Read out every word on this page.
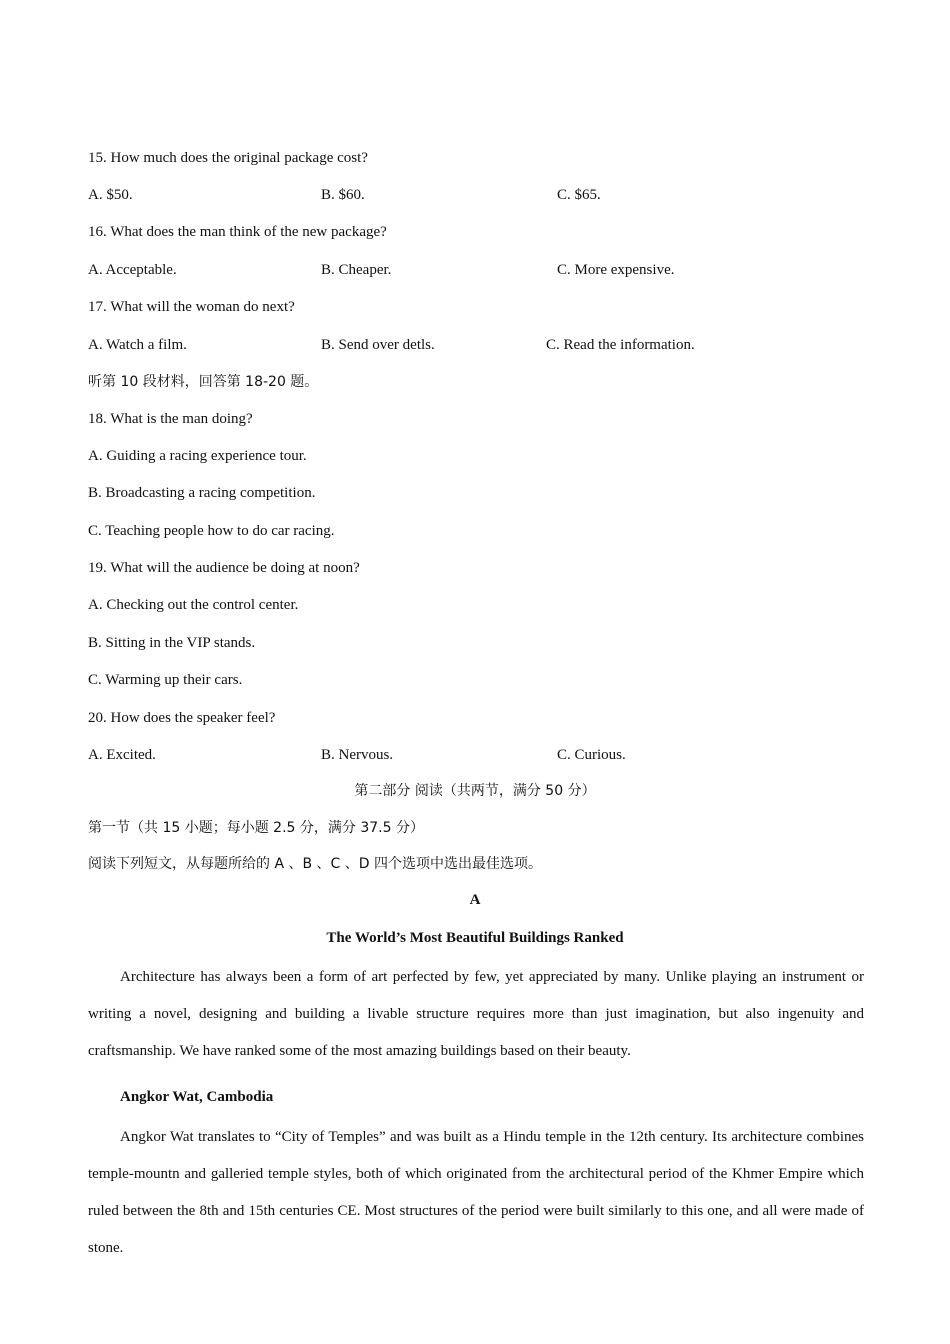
15. How much does the original package cost?
A. $50.	B. $60.	C. $65.
16. What does the man think of the new package?
A. Acceptable.	B. Cheaper.	C. More expensive.
17. What will the woman do next?
A. Watch a film.	B. Send over detls.	C. Read the information.
听第 10 段材料，回答第 18-20 题。
18. What is the man doing?
A. Guiding a racing experience tour.
B. Broadcasting a racing competition.
C. Teaching people how to do car racing.
19. What will the audience be doing at noon?
A. Checking out the control center.
B. Sitting in the VIP stands.
C. Warming up their cars.
20. How does the speaker feel?
A. Excited.	B. Nervous.	C. Curious.
第二部分 阅读（共两节，满分 50 分）
第一节（共 15 小题；每小题 2.5 分，满分 37.5 分）
阅读下列短文，从每题所给的 A 、B 、C 、D 四个选项中选出最佳选项。
A
The World’s Most Beautiful Buildings Ranked
Architecture has always been a form of art perfected by few, yet appreciated by many. Unlike playing an instrument or writing a novel, designing and building a livable structure requires more than just imagination, but also ingenuity and craftsmanship. We have ranked some of the most amazing buildings based on their beauty.
Angkor Wat, Cambodia
Angkor Wat translates to “City of Temples” and was built as a Hindu temple in the 12th century. Its architecture combines temple-mountn and galleried temple styles, both of which originated from the architectural period of the Khmer Empire which ruled between the 8th and 15th centuries CE. Most structures of the period were built similarly to this one, and all were made of stone.
